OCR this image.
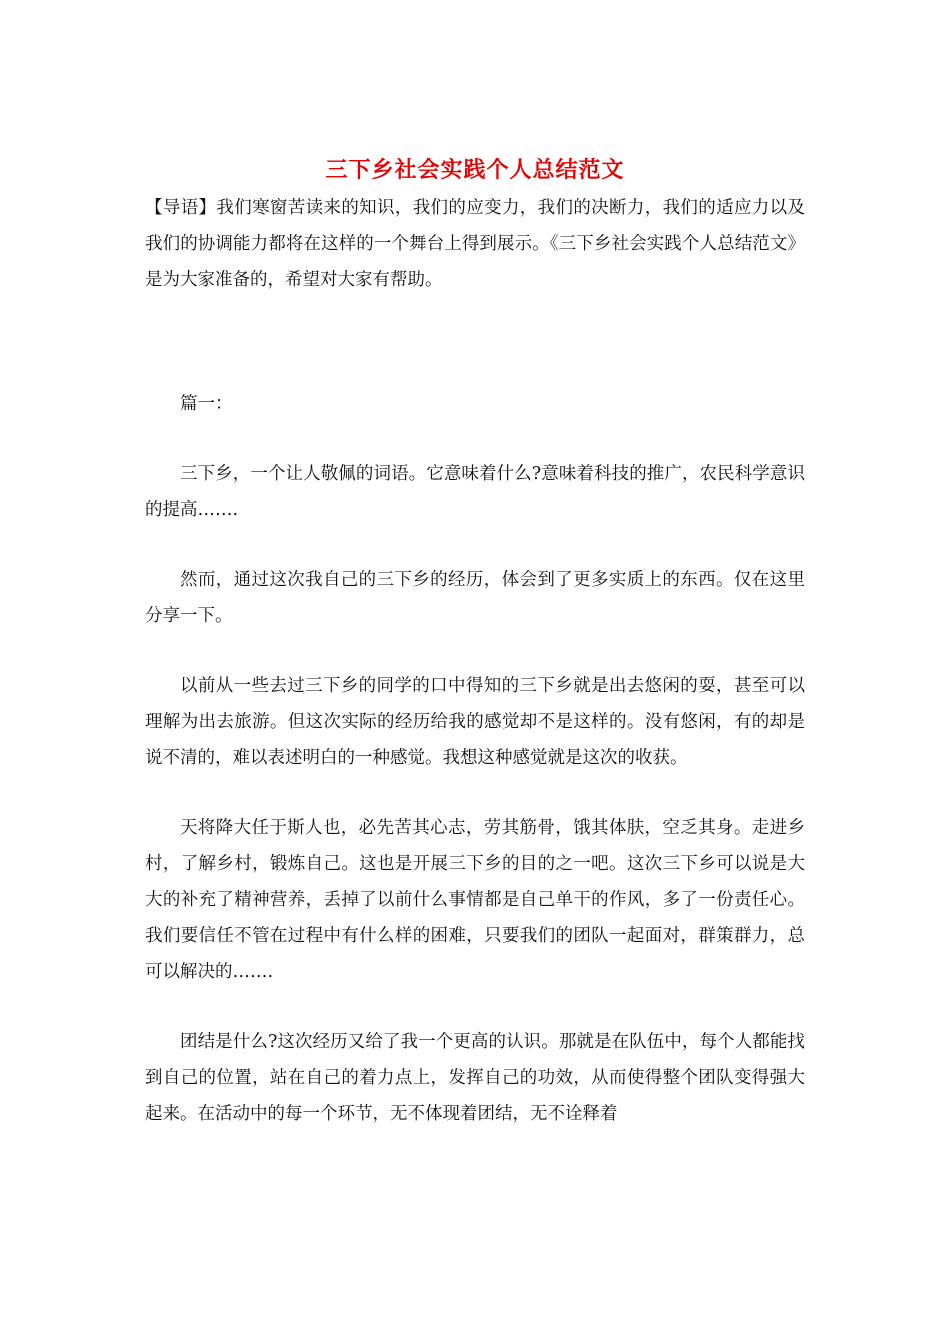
三下乡社会实践个人总结范文

【导语】我们寒窗苦读来的知识，我们的应变力，我们的决断力，我们的适应力以及我们的协调能力都将在这样的一个舞台上得到展示。《三下乡社会实践个人总结范文》是为大家准备的，希望对大家有帮助。

篇一：

三下乡，一个让人敬佩的词语。它意味着什么?意味着科技的推广，农民科学意识的提高…….

然而，通过这次我自己的三下乡的经历，体会到了更多实质上的东西。仅在这里分享一下。

以前从一些去过三下乡的同学的口中得知的三下乡就是出去悠闲的耍，甚至可以理解为出去旅游。但这次实际的经历给我的感觉却不是这样的。没有悠闲，有的却是说不清的，难以表述明白的一种感觉。我想这种感觉就是这次的收获。

天将降大任于斯人也，必先苦其心志，劳其筋骨，饿其体肤，空乏其身。走进乡村，了解乡村，锻炼自己。这也是开展三下乡的目的之一吧。这次三下乡可以说是大大的补充了精神营养，丢掉了以前什么事情都是自己单干的作风，多了一份责任心。我们要信任不管在过程中有什么样的困难，只要我们的团队一起面对，群策群力，总可以解决的…….

团结是什么?这次经历又给了我一个更高的认识。那就是在队伍中，每个人都能找到自己的位置，站在自己的着力点上，发挥自己的功效，从而使得整个团队变得强大起来。在活动中的每一个环节，无不体现着团结，无不诠释着
